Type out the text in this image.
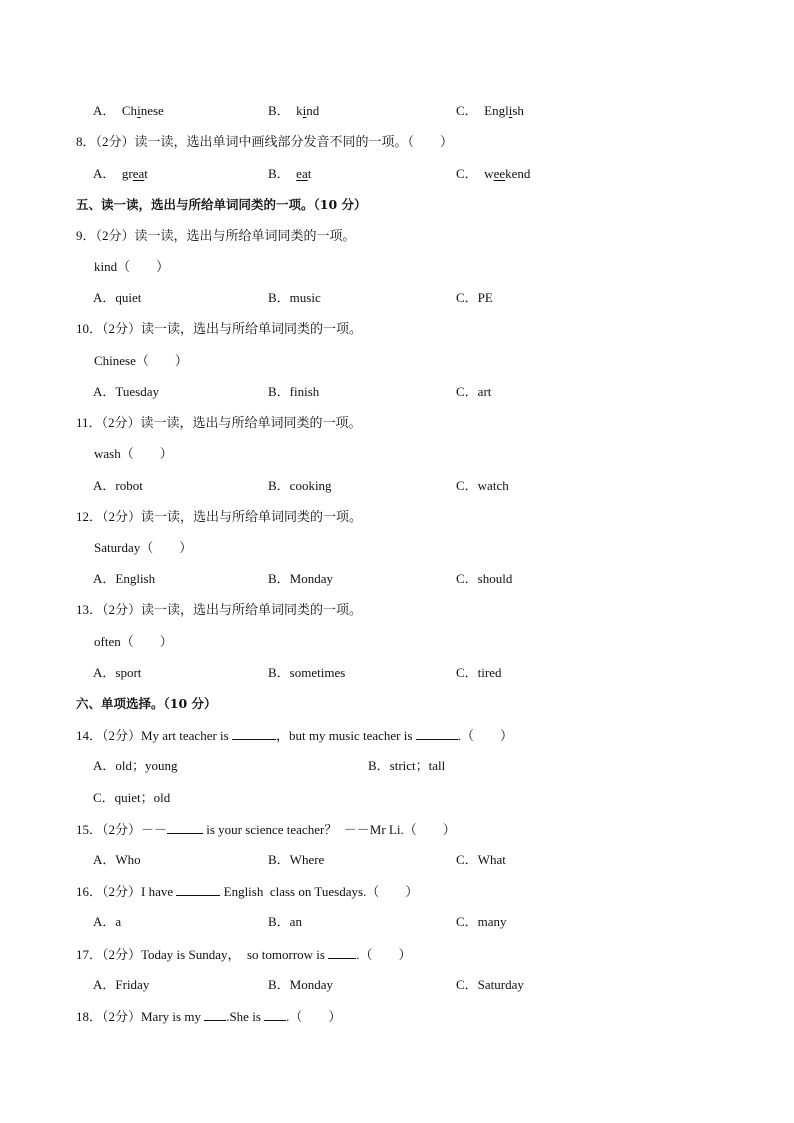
A．  Chinese	B．  kind	C．  English
8．（2分）读一读，选出单词中画线部分发音不同的一项。（        ）
A．  great	B．  eat	C．  weekend
五、读一读，选出与所给单词同类的一项。（10 分）
9．（2分）读一读，选出与所给单词同类的一项。
kind（        ）
A．quiet	B．music	C．PE
10．（2分）读一读，选出与所给单词同类的一项。
Chinese（        ）
A．Tuesday	B．finish	C．art
11．（2分）读一读，选出与所给单词同类的一项。
wash（        ）
A．robot	B．cooking	C．watch
12．（2分）读一读，选出与所给单词同类的一项。
Saturday（        ）
A．English	B．Monday	C．should
13．（2分）读一读，选出与所给单词同类的一项。
often（        ）
A．sport	B．sometimes	C．tired
六、单项选择。（10 分）
14．（2分）My art teacher is	，but my music teacher is	.（        ）
A．old；young	B．strict；tall
C．quiet；old
15．（2分）－－	is your science teacher？  －－Mr Li.（        ）
A．Who	B．Where	C．What
16．（2分）I have	English  class on Tuesdays.（        ）
A．a	B．an	C．many
17．（2分）Today is Sunday，  so tomorrow is .（        ）
A．Friday	B．Monday	C．Saturday
18．（2分）Mary is my .She is .（        ）
